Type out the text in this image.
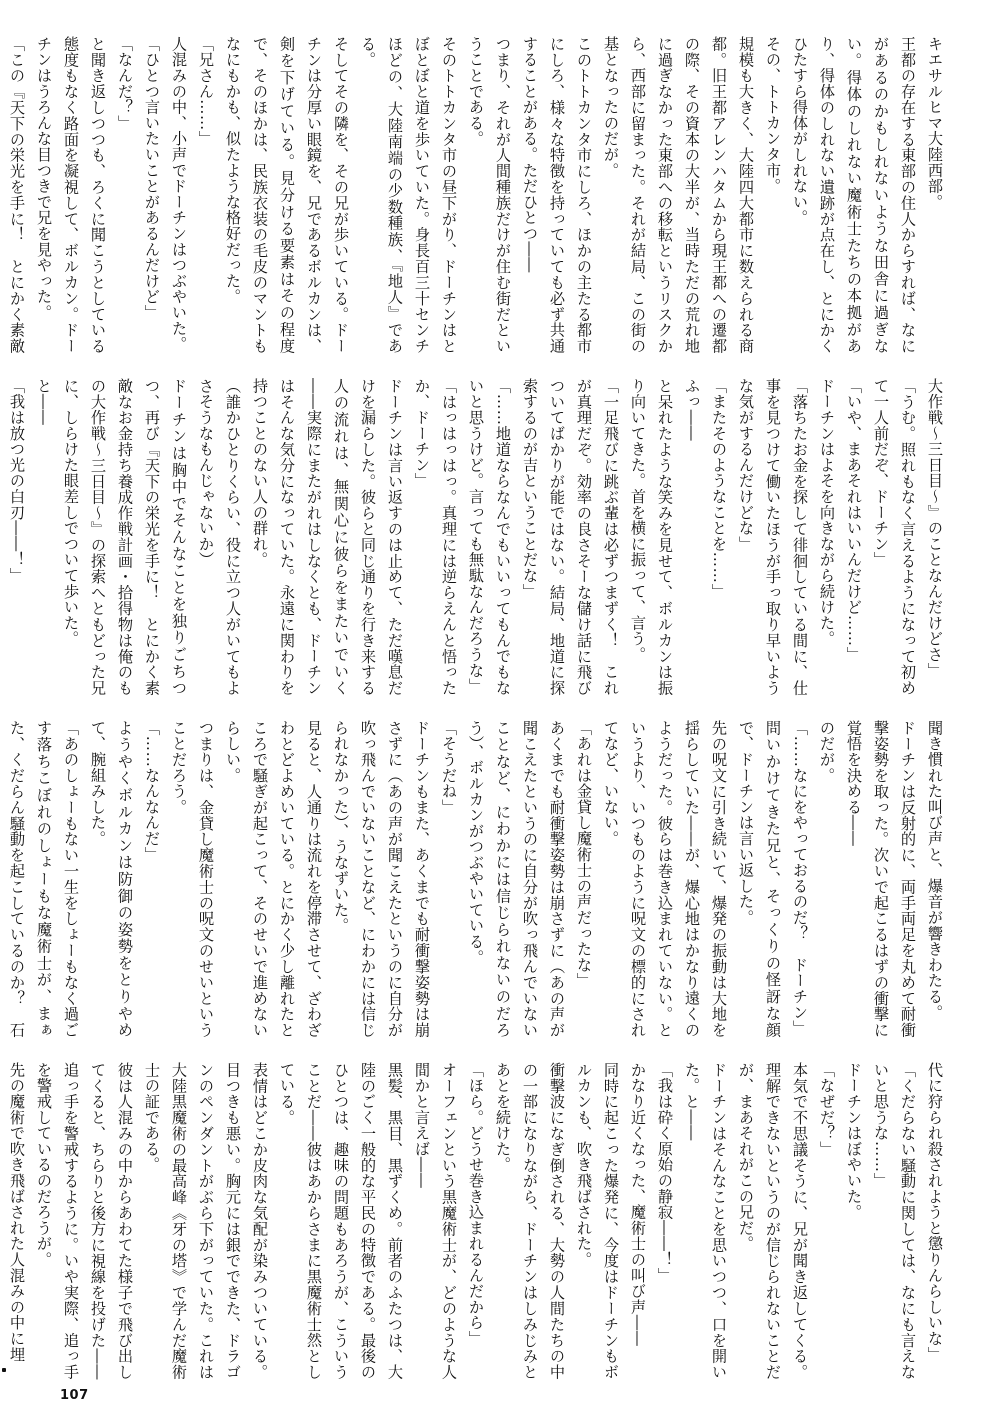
キエサルヒマ大陸西部。

王都の存在する東部の住人からすれば、なにがあるのかもしれないような田舎に過ぎない。得体のしれない魔術士たちの本拠があり、得体のしれない遺跡が点在し、とにかくひたすら得体がしれない。

その、トトカンタ市。

規模も大きく、大陸四大都市に数えられる商都。旧王都アレンハタムから現王都への遷都の際、その資本の大半が、当時ただの荒れ地に過ぎなかった東部への移転というリスクから、西部に留まった。それが結局、この街の基となったのだが。

このトトカンタ市にしろ、ほかの主たる都市にしろ、様々な特徴を持っていても必ず共通することがある。ただひとつ――

つまり、それが人間種族だけが住む街だということである。

そのトトカンタ市の昼下がり、ドーチンはとぼとぼと道を歩いていた。身長百三十センチほどの、大陸南端の少数種族、『地人』である。

そしてその隣を、その兄が歩いている。ドーチンは分厚い眼鏡を、兄であるボルカンは、剣を下げている。見分ける要素はその程度で、そのほかは、民族衣装の毛皮のマントもなにもかも、似たような格好だった。

「兄さん……」

人混みの中、小声でドーチンはつぶやいた。

「ひとつ言いたいことがあるんだけど」

「なんだ？」

と聞き返しつつも、ろくに聞こうとしている態度もなく路面を凝視して、ボルカン。ドーチンはうろんな目つきで兄を見やった。

「この『天下の栄光を手に！　とにかく素敵

大作戦～三日目～』のことなんだけどさ」

「うむ。照れもなく言えるようになって初めて一人前だぞ、ドーチン」

「いや、まあそれはいいんだけど……」

ドーチンはよそを向きながら続けた。

「落ちたお金を探して徘徊している間に、仕事を見つけて働いたほうが手っ取り早いような気がするんだけどな」

「またそのようなことを……」

ふっ――

と呆れたような笑みを見せて、ボルカンは振り向いてきた。首を横に振って、言う。

「一足飛びに跳ぶ輩は必ずつまずく！　これが真理だぞ。効率の良さそーな儲け話に飛びついてばかりが能ではない。結局、地道に探索するのが吉ということだな」

「……地道ならなんでもいいってもんでもないと思うけど。言っても無駄なんだろうな」

「はっはっはっ。真理には逆らえんと悟ったか、ドーチン」

ドーチンは言い返すのは止めて、ただ嘆息だけを漏らした。彼らと同じ通りを行き来する人の流れは、無関心に彼らをまたいでいく――実際にまたがれはしなくとも、ドーチンはそんな気分になっていた。永遠に関わりを持つことのない人の群れ。

（誰かひとりくらい、役に立つ人がいてもよさそうなもんじゃないか）

ドーチンは胸中でそんなことを独りごちつつ、再び『天下の栄光を手に！　とにかく素敵なお金持ち養成作戦計画・拾得物は俺のもの大作戦～三日目～』の探索へともどった兄に、しらけた眼差しでついて歩いた。

と――

「我は放つ光の白刃――！」

聞き慣れた叫び声と、爆音が響きわたる。

ドーチンは反射的に、両手両足を丸めて耐衝撃姿勢を取った。次いで起こるはずの衝撃に覚悟を決める――

のだが。

「……なにをやっておるのだ？　ドーチン」

問いかけてきた兄と、そっくりの怪訝な顔で、ドーチンは言い返した。

先の呪文に引き続いて、爆発の振動は大地を揺らしていた――が、爆心地はかなり遠くのようだった。彼らは巻き込まれていない。というより、いつものように呪文の標的にされてなど、いない。

「あれは金貸し魔術士の声だったな」

あくまでも耐衝撃姿勢は崩さずに（あの声が聞こえたというのに自分が吹っ飛んでいないことなど、にわかには信じられないのだろう）、ボルカンがつぶやいている。

「そうだね」

ドーチンもまた、あくまでも耐衝撃姿勢は崩さずに（あの声が聞こえたというのに自分が吹っ飛んでいないことなど、にわかには信じられなかった）、うなずいた。

見ると、人通りは流れを停滞させて、ざわざわとどよめいている。とにかく少し離れたところで騒ぎが起こって、そのせいで進めないらしい。

つまりは、金貸し魔術士の呪文のせいということだろう。

「……なんなんだ」

ようやくボルカンは防御の姿勢をとりやめて、腕組みした。

「あのしょーもない一生をしょーもなく過ごす落ちこぼれのしょーもな魔術士が、まぁた、くだらん騒動を起こしているのか？　石

代に狩られ殺されようと懲りんらしいな」

「くだらない騒動に関しては、なにも言えないと思うな……」

ドーチンはぼやいた。

「なぜだ？」

本気で不思議そうに、兄が聞き返してくる。理解できないというのが信じられないことだが、まあそれがこの兄だ。

ドーチンはそんなことを思いつつ、口を開いた。と――

「我は砕く原始の静寂――！」

かなり近くなった、魔術士の叫び声――

同時に起こった爆発に、今度はドーチンもボルカンも、吹き飛ばされた。

衝撃波になぎ倒される、大勢の人間たちの中の一部になりながら、ドーチンはしみじみとあとを続けた。

「ほら。どうせ巻き込まれるんだから」

オーフェンという黒魔術士が、どのような人間かと言えば――

黒髪、黒目、黒ずくめ。前者のふたつは、大陸のごく一般的な平民の特徴である。最後のひとつは、趣味の問題もあろうが、こういうことだ――彼はあからさまに黒魔術士然としている。

表情はどこか皮肉な気配が染みついている。目つきも悪い。胸元には銀でできた、ドラゴンのペンダントがぶら下がっていた。これは大陸黒魔術の最高峰《牙の塔》で学んだ魔術士の証である。

彼は人混みの中からあわてた様子で飛び出してくると、ちらりと後方に視線を投げた――追っ手を警戒するように。いや実際、追っ手を警戒しているのだろうが。

先の魔術で吹き飛ばされた人混みの中に埋

107
